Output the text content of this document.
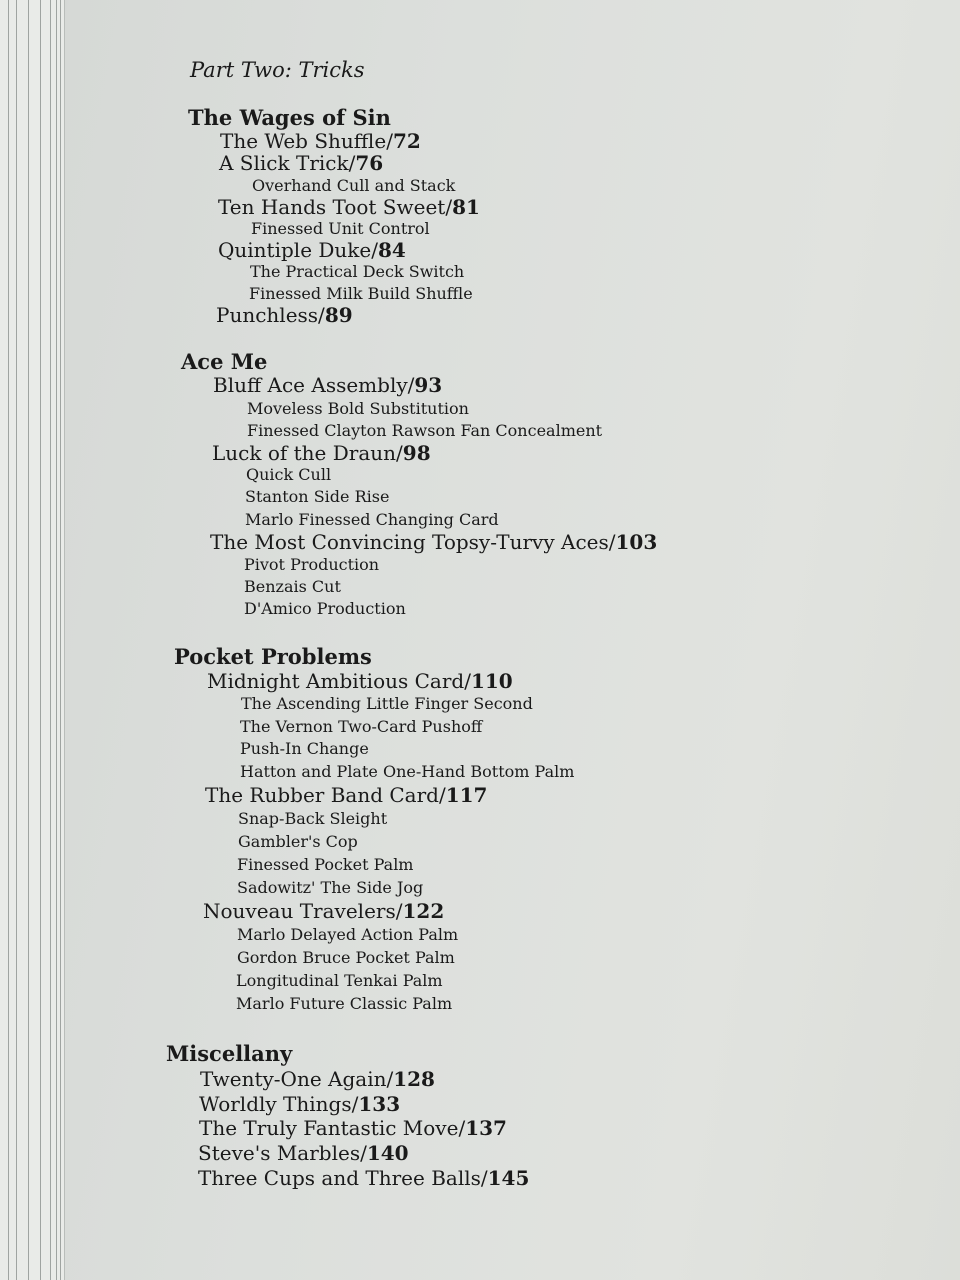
Part Two: Tricks
The Wages of Sin
The Web Shuffle/72
A Slick Trick/76
Overhand Cull and Stack
Ten Hands Toot Sweet/81
Finessed Unit Control
Quintiple Duke/84
The Practical Deck Switch
Finessed Milk Build Shuffle
Punchless/89
Ace Me
Bluff Ace Assembly/93
Moveless Bold Substitution
Finessed Clayton Rawson Fan Concealment
Luck of the Draun/98
Quick Cull
Stanton Side Rise
Marlo Finessed Changing Card
The Most Convincing Topsy-Turvy Aces/103
Pivot Production
Benzais Cut
D'Amico Production
Pocket Problems
Midnight Ambitious Card/110
The Ascending Little Finger Second
The Vernon Two-Card Pushoff
Push-In Change
Hatton and Plate One-Hand Bottom Palm
The Rubber Band Card/117
Snap-Back Sleight
Gambler's Cop
Finessed Pocket Palm
Sadowitz' The Side Jog
Nouveau Travelers/122
Marlo Delayed Action Palm
Gordon Bruce Pocket Palm
Longitudinal Tenkai Palm
Marlo Future Classic Palm
Miscellany
Twenty-One Again/128
Worldly Things/133
The Truly Fantastic Move/137
Steve's Marbles/140
Three Cups and Three Balls/145
